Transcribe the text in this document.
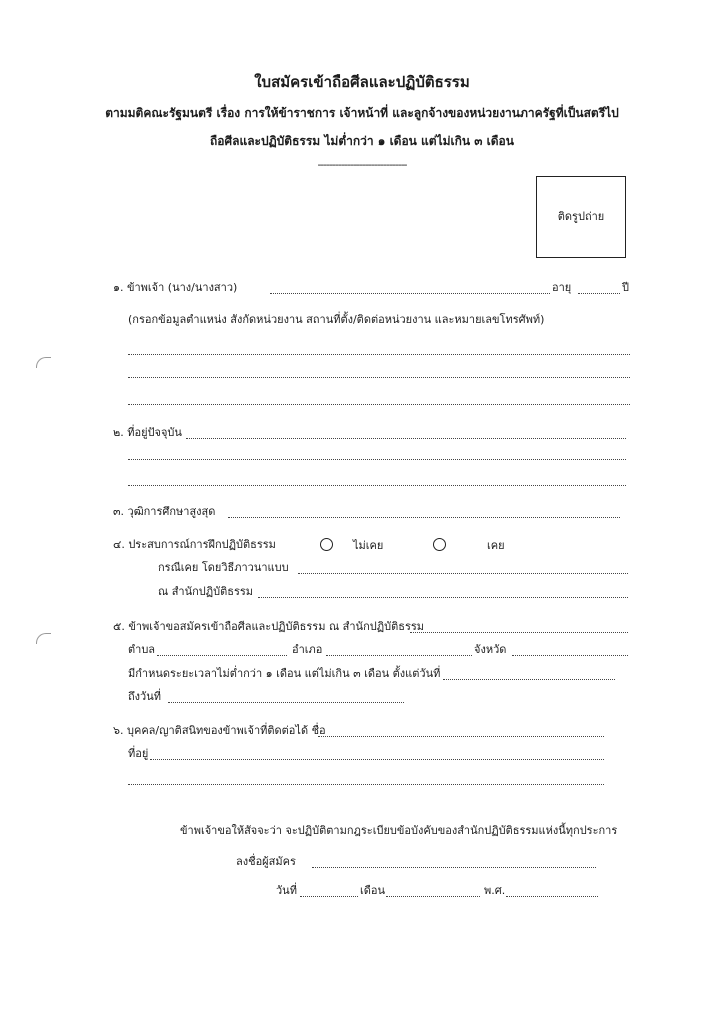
ใบสมัครเข้าถือศีลและปฏิบัติธรรม
ตามมติคณะรัฐมนตรี เรื่อง การให้ข้าราชการ เจ้าหน้าที่ และลูกจ้างของหน่วยงานภาครัฐที่เป็นสตรีไป
ถือศีลและปฏิบัติธรรม ไม่ต่ำกว่า ๑ เดือน แต่ไม่เกิน ๓ เดือน
------------------------------
ติดรูปถ่าย
๑. ข้าพเจ้า (นาง/นางสาว)	อายุ	ปี
(กรอกข้อมูลตำแหน่ง สังกัดหน่วยงาน สถานที่ตั้ง/ติดต่อหน่วยงาน และหมายเลขโทรศัพท์)
๒. ที่อยู่ปัจจุบัน
๓. วุฒิการศึกษาสูงสุด
๔. ประสบการณ์การฝึกปฏิบัติธรรม	ไม่เคย	เคย
กรณีเคย โดยวิธีภาวนาแบบ
ณ สำนักปฏิบัติธรรม
๕. ข้าพเจ้าขอสมัครเข้าถือศีลและปฏิบัติธรรม ณ สำนักปฏิบัติธรรม
ตำบล	อำเภอ	จังหวัด
มีกำหนดระยะเวลาไม่ต่ำกว่า ๑ เดือน แต่ไม่เกิน ๓ เดือน ตั้งแต่วันที่
ถึงวันที่
๖. บุคคล/ญาติสนิทของข้าพเจ้าที่ติดต่อได้ ชื่อ
ที่อยู่
ข้าพเจ้าขอให้สัจจะว่า จะปฏิบัติตามกฎระเบียบข้อบังคับของสำนักปฏิบัติธรรมแห่งนี้ทุกประการ
ลงชื่อผู้สมัคร
วันที่	เดือน	พ.ศ.
